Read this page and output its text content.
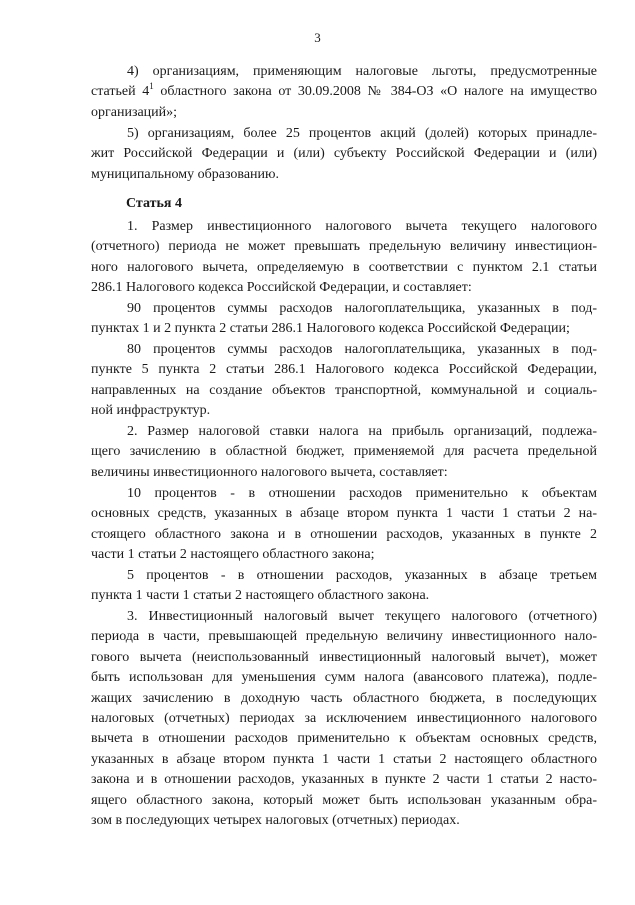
3
4) организациям, применяющим налоговые льготы, предусмотренные
статьей $4^1$ областного закона от 30.09.2008 № 384-ОЗ «О налоге на имущество
организаций»;
5) организациям, более 25 процентов акций (долей) которых принадле-
жит Российской Федерации и (или) субъекту Российской Федерации и (или)
муниципальному образованию.
Статья 4
1. Размер инвестиционного налогового вычета текущего налогового
(отчетного) периода не может превышать предельную величину инвестицион-
ного налогового вычета, определяемую в соответствии с пунктом 2.1 статьи
286.1 Налогового кодекса Российской Федерации, и составляет:
90 процентов суммы расходов налогоплательщика, указанных в под-
пунктах 1 и 2 пункта 2 статьи 286.1 Налогового кодекса Российской Федерации;
80 процентов суммы расходов налогоплательщика, указанных в под-
пункте 5 пункта 2 статьи 286.1 Налогового кодекса Российской Федерации,
направленных на создание объектов транспортной, коммунальной и социаль-
ной инфраструктур.
2. Размер налоговой ставки налога на прибыль организаций, подлежа-
щего зачислению в областной бюджет, применяемой для расчета предельной
величины инвестиционного налогового вычета, составляет:
10 процентов - в отношении расходов применительно к объектам
основных средств, указанных в абзаце втором пункта 1 части 1 статьи 2 на-
стоящего областного закона и в отношении расходов, указанных в пункте 2
части 1 статьи 2 настоящего областного закона;
5 процентов - в отношении расходов, указанных в абзаце третьем
пункта 1 части 1 статьи 2 настоящего областного закона.
3. Инвестиционный налоговый вычет текущего налогового (отчетного)
периода в части, превышающей предельную величину инвестиционного нало-
гового вычета (неиспользованный инвестиционный налоговый вычет), может
быть использован для уменьшения сумм налога (авансового платежа), подле-
жащих зачислению в доходную часть областного бюджета, в последующих
налоговых (отчетных) периодах за исключением инвестиционного налогового
вычета в отношении расходов применительно к объектам основных средств,
указанных в абзаце втором пункта 1 части 1 статьи 2 настоящего областного
закона и в отношении расходов, указанных в пункте 2 части 1 статьи 2 насто-
ящего областного закона, который может быть использован указанным обра-
зом в последующих четырех налоговых (отчетных) периодах.
